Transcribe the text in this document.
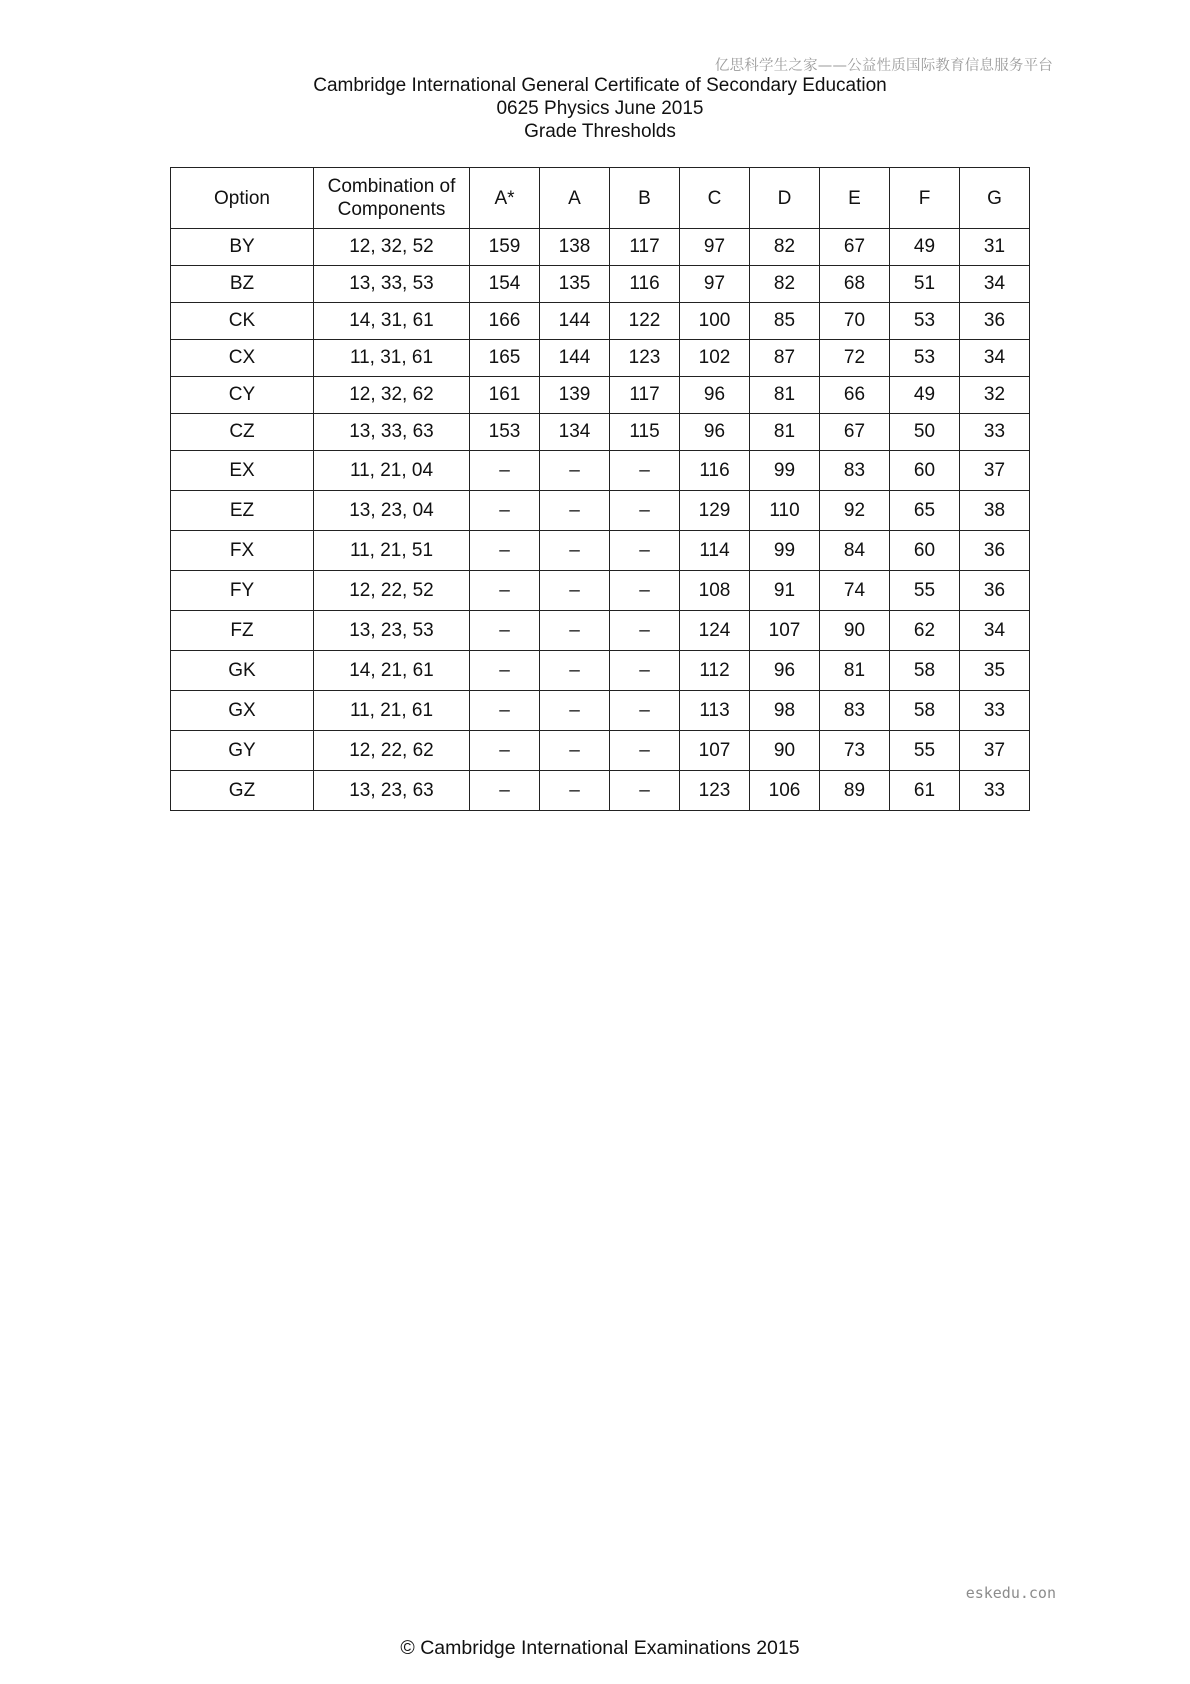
亿思科学生之家——公益性质国际教育信息服务平台
Cambridge International General Certificate of Secondary Education
0625 Physics June 2015
Grade Thresholds
Option	Combination of Components	A*	A	B	C	D	E	F	G
BY	12, 32, 52	159	138	117	97	82	67	49	31
BZ	13, 33, 53	154	135	116	97	82	68	51	34
CK	14, 31, 61	166	144	122	100	85	70	53	36
CX	11, 31, 61	165	144	123	102	87	72	53	34
CY	12, 32, 62	161	139	117	96	81	66	49	32
CZ	13, 33, 63	153	134	115	96	81	67	50	33
EX	11, 21, 04	–	–	–	116	99	83	60	37
EZ	13, 23, 04	–	–	–	129	110	92	65	38
FX	11, 21, 51	–	–	–	114	99	84	60	36
FY	12, 22, 52	–	–	–	108	91	74	55	36
FZ	13, 23, 53	–	–	–	124	107	90	62	34
GK	14, 21, 61	–	–	–	112	96	81	58	35
GX	11, 21, 61	–	–	–	113	98	83	58	33
GY	12, 22, 62	–	–	–	107	90	73	55	37
GZ	13, 23, 63	–	–	–	123	106	89	61	33
eskedu.con
© Cambridge International Examinations 2015
